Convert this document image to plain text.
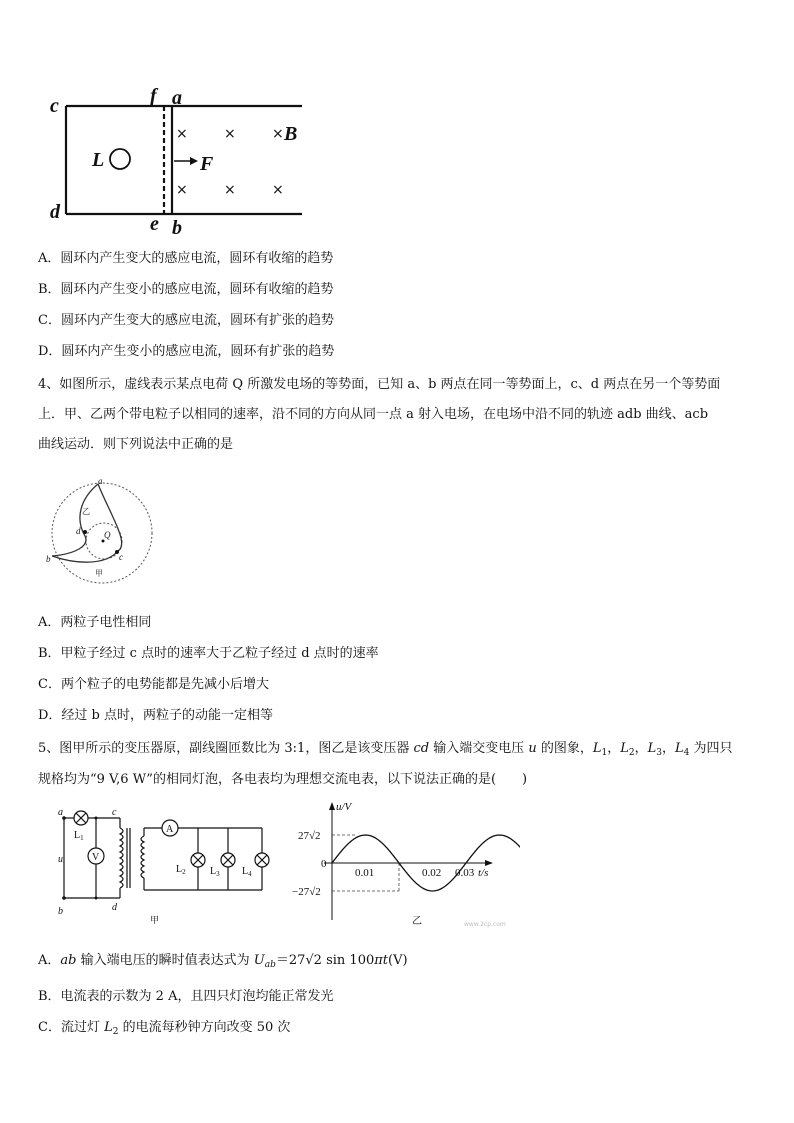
c	f a
d
e b
L	F
B
×	×	×
×	×	×
A．圆环内产生变大的感应电流，圆环有收缩的趋势
B．圆环内产生变小的感应电流，圆环有收缩的趋势
C．圆环内产生变大的感应电流，圆环有扩张的趋势
D．圆环内产生变小的感应电流，圆环有扩张的趋势
4、如图所示，虚线表示某点电荷 Q 所激发电场的等势面，已知 a、b 两点在同一等势面上，c、d 两点在另一个等势面
上．甲、乙两个带电粒子以相同的速率，沿不同的方向从同一点 a 射入电场，在电场中沿不同的轨迹 adb 曲线、acb
曲线运动．则下列说法中正确的是
a
b	c
d	Q
乙
甲
A．两粒子电性相同
B．甲粒子经过 c 点时的速率大于乙粒子经过 d 点时的速率
C．两个粒子的电势能都是先减小后增大
D．经过 b 点时，两粒子的动能一定相等
5、图甲所示的变压器原，副线圈匝数比为 3:1，图乙是该变压器 cd 输入端交变电压 u 的图象，$L_1$，$L_2$，$L_3$，$L_4$ 为四只
规格均为“9 V,6 W”的相同灯泡，各电表均为理想交流电表，以下说法正确的是(　　)
a	c
u
b	d
V
A
$L_1$
$L_2$ $L_3$ $L_4$
甲
u/V
t/s
27√2
0
−27√2
0.01	0.02 0.03
乙	www.2cp.com
A．ab 输入端电压的瞬时值表达式为 $U_{ab}=27√2$ sin 100πt(V)
B．电流表的示数为 2 A，且四只灯泡均能正常发光
C．流过灯 $L_2$ 的电流每秒钟方向改变 50 次
